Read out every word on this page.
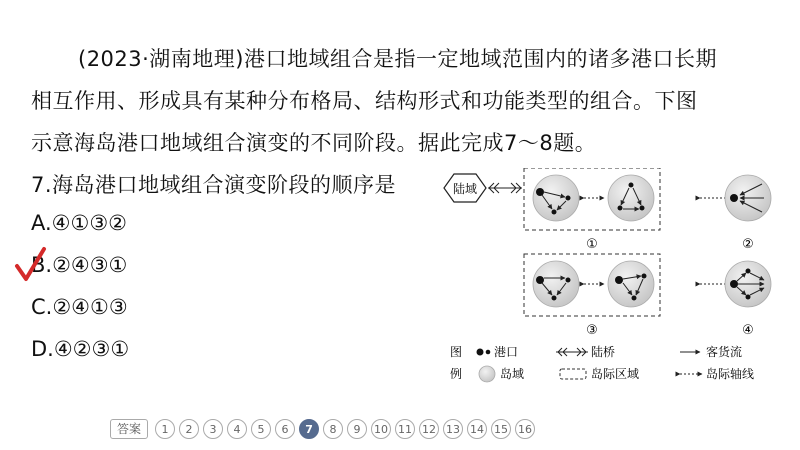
(2023·湖南地理)港口地域组合是指一定地域范围内的诸多港口长期
相互作用、形成具有某种分布格局、结构形式和功能类型的组合。下图
示意海岛港口地域组合演变的不同阶段。据此完成7～8题。
7.海岛港口地域组合演变阶段的顺序是
A.④①③②
B.②④③①
C.②④①③
D.④②③①
陆域
①	②
③	④
图	港口	陆桥	客货流
例	岛域	岛际区域	岛际轴线
答案	1	2	3	4	5	6	7	8	9	10 11 12 13 14 15 16
